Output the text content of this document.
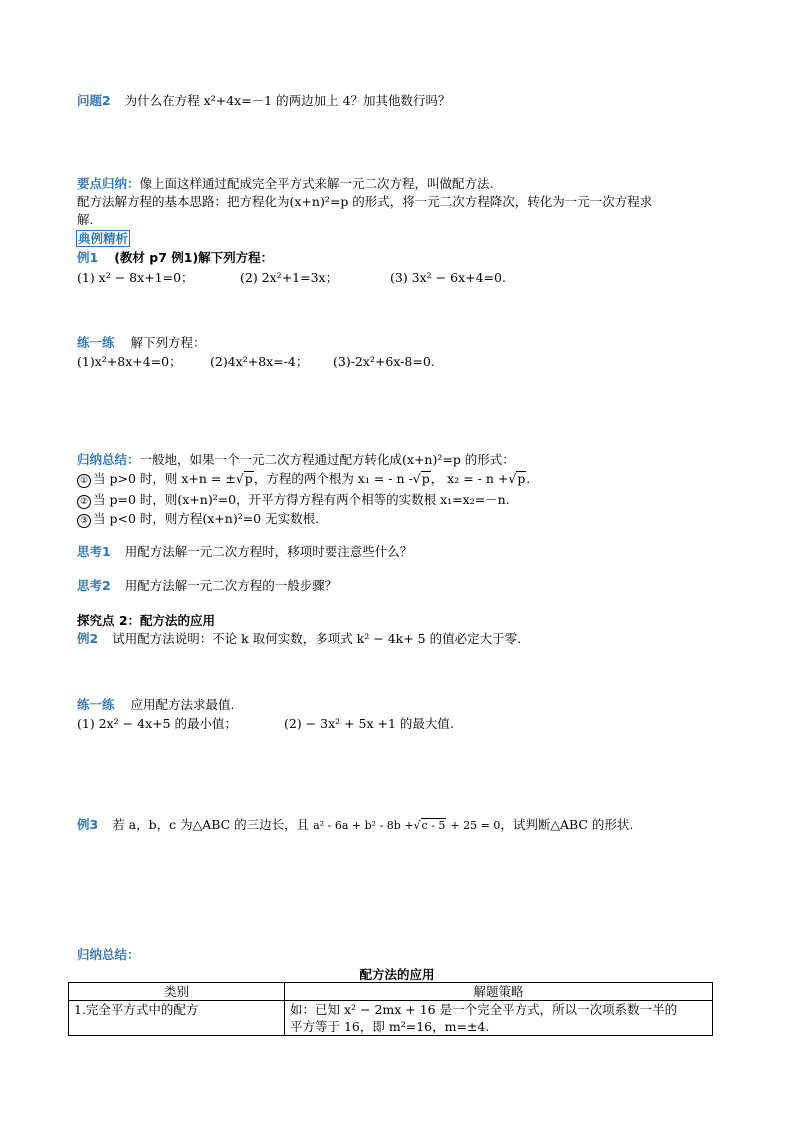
问题2 为什么在方程 x²+4x=－1 的两边加上 4？加其他数行吗？
要点归纳：像上面这样通过配成完全平方式来解一元二次方程，叫做配方法.
配方法解方程的基本思路：把方程化为(x+n)²=p 的形式，将一元二次方程降次，转化为一元一次方程求
解.
典例精析
例1 (教材 p7 例1)解下列方程：
(1) x² − 8x+1=0；	(2) 2x²+1=3x；	(3) 3x² − 6x+4=0.
练一练 解下列方程：
(1)x²+8x+4=0； (2)4x²+8x=-4； (3)-2x²+6x-8=0.
归纳总结：一般地，如果一个一元二次方程通过配方转化成(x+n)²=p 的形式：
① 当 p>0 时，则 x+n = ±√p，方程的两个根为 x₁ = - n -√p， x₂ = - n +√p.
② 当 p=0 时，则(x+n)²=0，开平方得方程有两个相等的实数根 x₁=x₂=－n.
③ 当 p<0 时，则方程(x+n)²=0 无实数根.
思考1 用配方法解一元二次方程时，移项时要注意些什么？
思考2 用配方法解一元二次方程的一般步骤？
探究点 2：配方法的应用
例2 试用配方法说明：不论 k 取何实数，多项式 k² − 4k+ 5 的值必定大于零.
练一练 应用配方法求最值.
(1) 2x² − 4x+5 的最小值；	(2) − 3x² + 5x +1 的最大值.
例3 若 a，b，c 为△ABC 的三边长，且 a² - 6a + b² - 8b +√c - 5 + 25 = 0，试判断△ABC 的形状.
归纳总结：
配方法的应用
类别	解题策略
1.完全平方式中的配方	如：已知 x² − 2mx + 16 是一个完全平方式，所以一次项系数一半的
平方等于 16，即 m²=16，m=±4.
